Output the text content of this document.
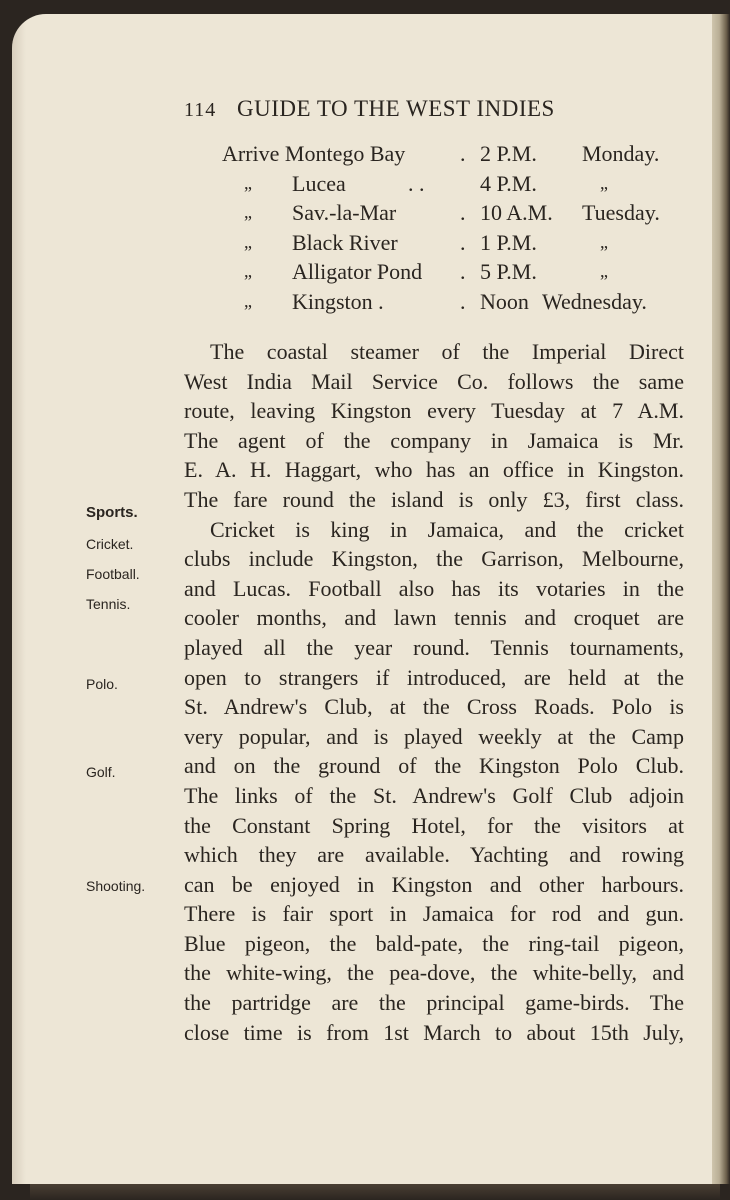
114 GUIDE TO THE WEST INDIES
Arrive Montego Bay . 2 P.M. Monday.
„ Lucea	. .	4 P.M.	„
„ Sav.-la-Mar	. 10 A.M. Tuesday.
„ Black River	. 1 P.M.	„
„ Alligator Pond . 5 P.M.	„
„ Kingston .	. Noon Wednesday.
The coastal steamer of the Imperial Direct
West India Mail Service Co. follows the same
route, leaving Kingston every Tuesday at 7 A.M.
The agent of the company in Jamaica is Mr.
E. A. H. Haggart, who has an office in Kingston.
The fare round the island is only £3, first class.
Cricket is king in Jamaica, and the cricket
clubs include Kingston, the Garrison, Melbourne,
and Lucas. Football also has its votaries in the
cooler months, and lawn tennis and croquet are
played all the year round. Tennis tournaments,
open to strangers if introduced, are held at the
St. Andrew's Club, at the Cross Roads. Polo is
very popular, and is played weekly at the Camp
and on the ground of the Kingston Polo Club.
The links of the St. Andrew's Golf Club adjoin
the Constant Spring Hotel, for the visitors at
which they are available. Yachting and rowing
can be enjoyed in Kingston and other harbours.
There is fair sport in Jamaica for rod and gun.
Blue pigeon, the bald-pate, the ring-tail pigeon,
the white-wing, the pea-dove, the white-belly, and
the partridge are the principal game-birds. The
close time is from 1st March to about 15th July,
Sports.
Cricket.
Football.
Tennis.
Polo.
Golf.
Shooting.
